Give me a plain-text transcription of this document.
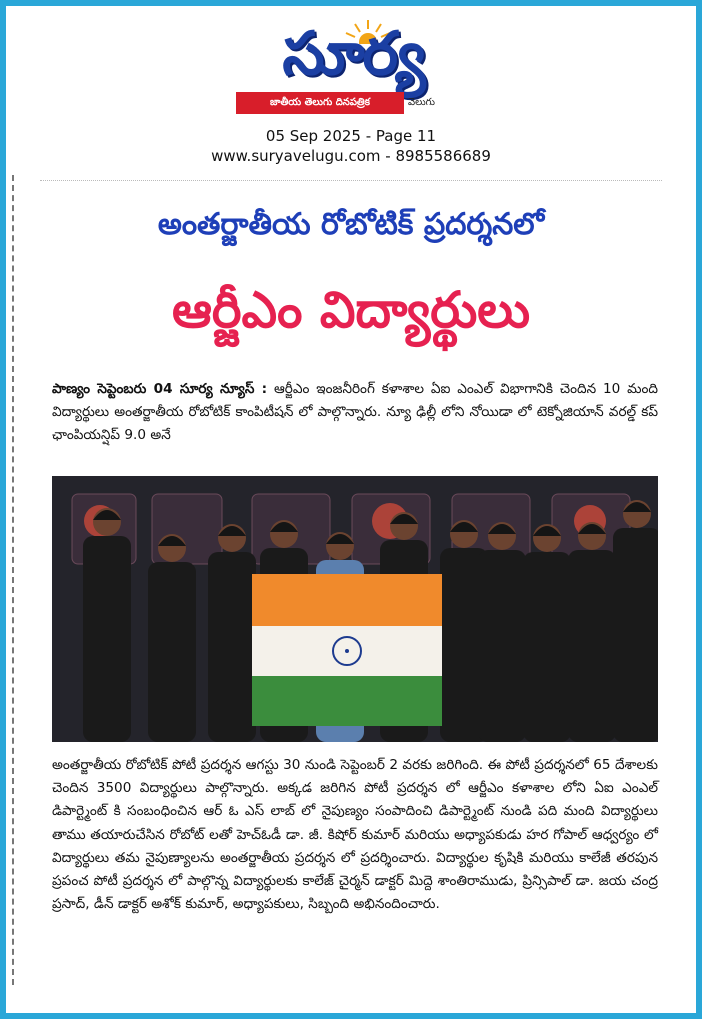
సూర్య
జాతీయ తెలుగు దినపత్రిక	వెలుగు
05 Sep 2025 - Page 11
www.suryavelugu.com - 8985586689
అంతర్జాతీయ రోబోటిక్ ప్రదర్శనలో
ఆర్జీఎం విద్యార్థులు
పాణ్యం సెప్టెంబరు 04 సూర్య న్యూస్ : ఆర్జీఎం ఇంజనీరింగ్ కళాశాల ఏఐ ఎంఎల్ విభాగానికి చెందిన 10 మంది విద్యార్థులు అంతర్జాతీయ రోబోటిక్ కాంపిటీషన్ లో పాల్గొన్నారు. న్యూ ఢిల్లీ లోని నోయిడా లో టెక్నోజియాన్ వరల్డ్ కప్ ఛాంపియన్షిప్ 9.0 అనే
అంతర్జాతీయ రోబోటిక్ పోటీ ప్రదర్శన ఆగస్టు 30 నుండి సెప్టెంబర్ 2 వరకు జరిగింది. ఈ పోటీ ప్రదర్శనలో 65 దేశాలకు చెందిన 3500 విద్యార్థులు పాల్గొన్నారు. అక్కడ జరిగిన పోటీ ప్రదర్శన లో ఆర్జీఎం కళాశాల లోని ఏఐ ఎంఎల్ డిపార్ట్మెంట్ కి సంబంధించిన ఆర్ ఓ ఎస్ లాబ్ లో నైపుణ్యం సంపాదించి డిపార్ట్మెంట్ నుండి పది మంది విద్యార్థులు తాము తయారుచేసిన రోబోట్ లతో హెచ్ఓడీ డా. జీ. కిషోర్ కుమార్ మరియు అధ్యాపకుడు హర గోపాల్ ఆధ్వర్యం లో విద్యార్థులు తమ నైపుణ్యాలను అంతర్జాతీయ ప్రదర్శన లో ప్రదర్శించారు. విద్యార్థుల కృషికి మరియు కాలేజీ తరపున ప్రపంచ పోటీ ప్రదర్శన లో పాల్గొన్న విద్యార్థులకు కాలేజ్ చైర్మన్ డాక్టర్ మిద్దె శాంతిరాముడు, ప్రిన్సిపాల్ డా. జయ చంద్ర ప్రసాద్, డీన్ డాక్టర్ అశోక్ కుమార్, అధ్యాపకులు, సిబ్బంది అభినందించారు.
